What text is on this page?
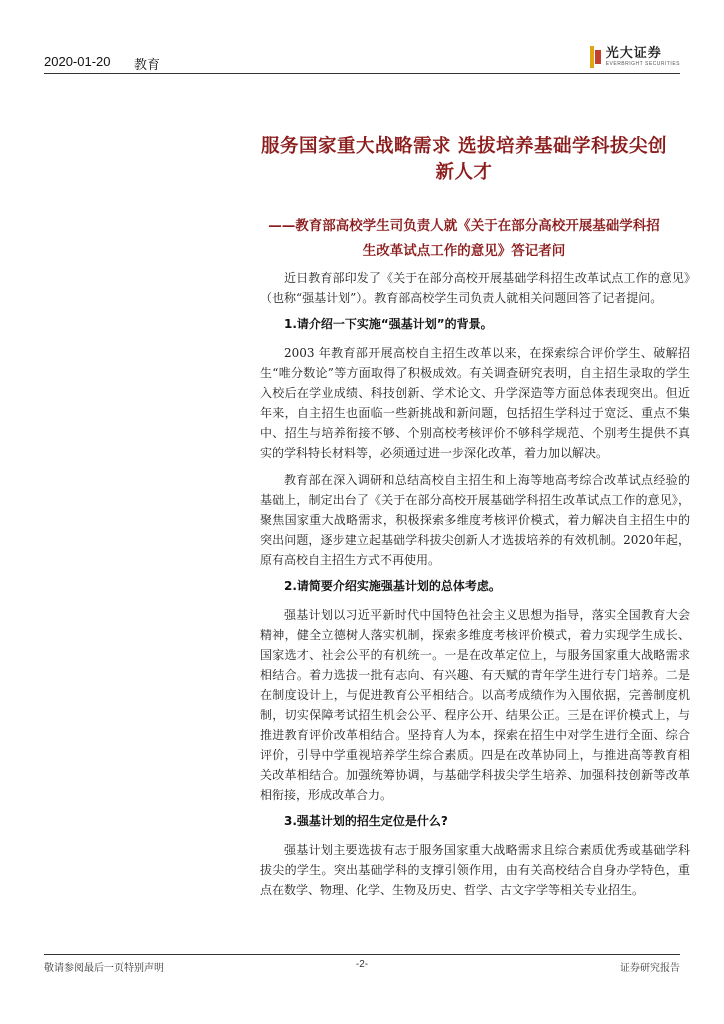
2020-01-20 教育
光大证券
EVERBRIGHT SECURITIES
服务国家重大战略需求 选拔培养基础学科拔尖创
新人才
——教育部高校学生司负责人就《关于在部分高校开展基础学科招
生改革试点工作的意见》答记者问

近日教育部印发了《关于在部分高校开展基础学科招生改革试点工作的意见》（也称“强基计划”）。教育部高校学生司负责人就相关问题回答了记者提问。

1.请介绍一下实施“强基计划”的背景。

2003 年教育部开展高校自主招生改革以来，在探索综合评价学生、破解招生“唯分数论”等方面取得了积极成效。有关调查研究表明，自主招生录取的学生入校后在学业成绩、科技创新、学术论文、升学深造等方面总体表现突出。但近年来，自主招生也面临一些新挑战和新问题，包括招生学科过于宽泛、重点不集中、招生与培养衔接不够、个别高校考核评价不够科学规范、个别考生提供不真实的学科特长材料等，必须通过进一步深化改革，着力加以解决。

教育部在深入调研和总结高校自主招生和上海等地高考综合改革试点经验的基础上，制定出台了《关于在部分高校开展基础学科招生改革试点工作的意见》，聚焦国家重大战略需求，积极探索多维度考核评价模式，着力解决自主招生中的突出问题，逐步建立起基础学科拔尖创新人才选拔培养的有效机制。2020年起，原有高校自主招生方式不再使用。

2.请简要介绍实施强基计划的总体考虑。

强基计划以习近平新时代中国特色社会主义思想为指导，落实全国教育大会精神，健全立德树人落实机制，探索多维度考核评价模式，着力实现学生成长、国家选才、社会公平的有机统一。一是在改革定位上，与服务国家重大战略需求相结合。着力选拔一批有志向、有兴趣、有天赋的青年学生进行专门培养。二是在制度设计上，与促进教育公平相结合。以高考成绩作为入围依据，完善制度机制，切实保障考试招生机会公平、程序公开、结果公正。三是在评价模式上，与推进教育评价改革相结合。坚持育人为本，探索在招生中对学生进行全面、综合评价，引导中学重视培养学生综合素质。四是在改革协同上，与推进高等教育相关改革相结合。加强统筹协调，与基础学科拔尖学生培养、加强科技创新等改革相衔接，形成改革合力。

3.强基计划的招生定位是什么?

强基计划主要选拔有志于服务国家重大战略需求且综合素质优秀或基础学科拔尖的学生。突出基础学科的支撑引领作用，由有关高校结合自身办学特色，重点在数学、物理、化学、生物及历史、哲学、古文字学等相关专业招生。

敬请参阅最后一页特别声明	-2-	证券研究报告
